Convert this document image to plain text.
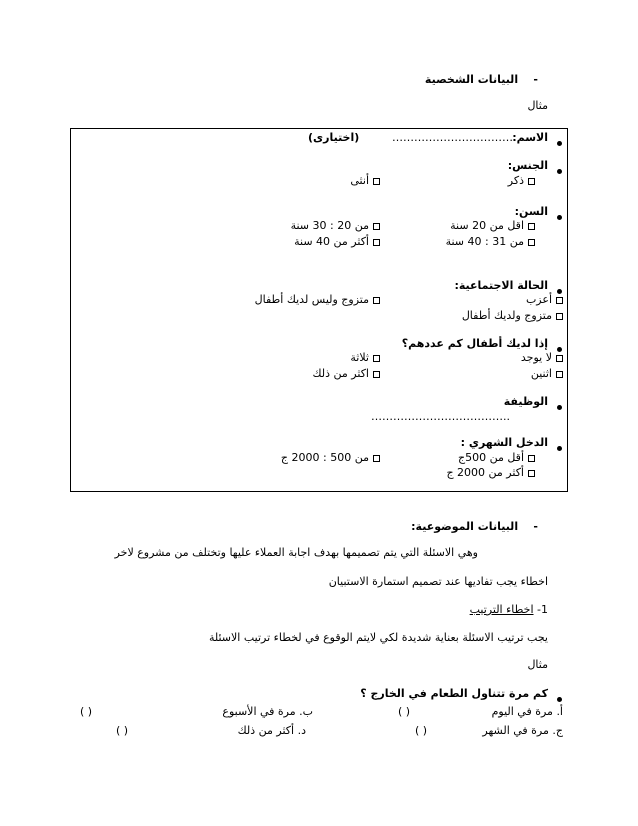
-    البيانات الشخصية
مثال
الاسم:
…………………………….
(اختيارى)
الجنس:
ذكر
أنثى
السن:
اقل من 20 سنة
من 20 : 30 سنة
من 31 : 40 سنة
أكثر من 40 سنة
الحالة الاجتماعية:
أعزب
متزوج وليس لديك أطفال
متزوج ولديك أطفال
إذا لديك أطفال كم عددهم؟
لا يوجد
ثلاثة
اثنين
اكثر من ذلك
الوظيفة
………………………………..
الدخل الشهري :
أقل من 500ج
من 500 : 2000 ج
أكثر من 2000 ج
-    البيانات الموضوعية:
وهي الاسئلة التي يتم تصميمها بهدف اجابة العملاء عليها وتختلف من مشروع لاخر
اخطاء يجب تفاديها عند تصميم استمارة الاستبيان
1- اخطاء الترتيب
يجب ترتيب الاسئلة بعناية شديدة لكي لايتم الوقوع في لخطاء ترتيب الاسئلة
مثال
كم مرة تتناول الطعام في الخارج ؟
أ. مرة في اليوم
( )
ب. مرة في الأسبوع
( )
ج. مرة في الشهر
( )
د. أكثر من ذلك
( )
